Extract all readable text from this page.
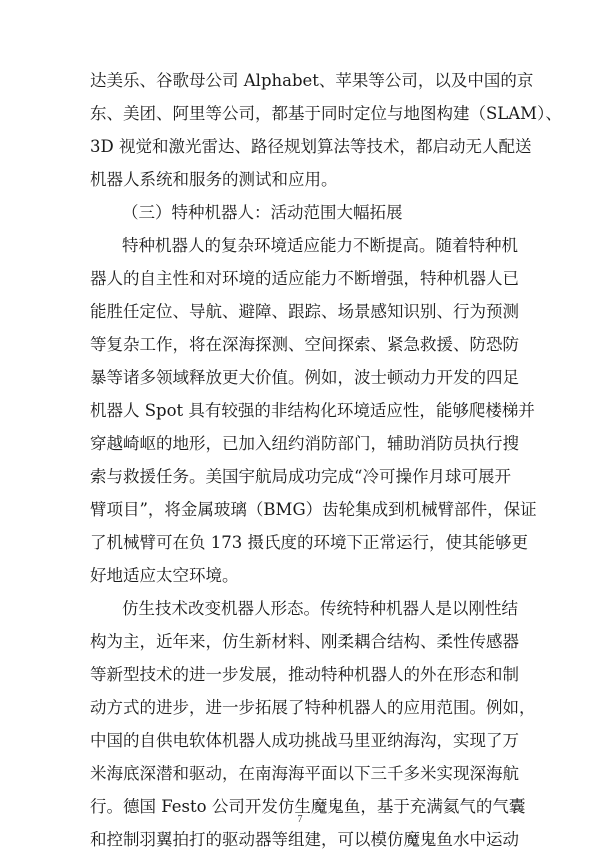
达美乐、谷歌母公司 Alphabet、苹果等公司，以及中国的京
东、美团、阿里等公司，都基于同时定位与地图构建（SLAM）、
3D 视觉和激光雷达、路径规划算法等技术，都启动无人配送
机器人系统和服务的测试和应用。
（三）特种机器人：活动范围大幅拓展
特种机器人的复杂环境适应能力不断提高。随着特种机
器人的自主性和对环境的适应能力不断增强，特种机器人已
能胜任定位、导航、避障、跟踪、场景感知识别、行为预测
等复杂工作，将在深海探测、空间探索、紧急救援、防恐防
暴等诸多领域释放更大价值。例如，波士顿动力开发的四足
机器人 Spot 具有较强的非结构化环境适应性，能够爬楼梯并
穿越崎岖的地形，已加入纽约消防部门，辅助消防员执行搜
索与救援任务。美国宇航局成功完成“冷可操作月球可展开
臂项目”，将金属玻璃（BMG）齿轮集成到机械臂部件，保证
了机械臂可在负 173 摄氏度的环境下正常运行，使其能够更
好地适应太空环境。
仿生技术改变机器人形态。传统特种机器人是以刚性结
构为主，近年来，仿生新材料、刚柔耦合结构、柔性传感器
等新型技术的进一步发展，推动特种机器人的外在形态和制
动方式的进步，进一步拓展了特种机器人的应用范围。例如，
中国的自供电软体机器人成功挑战马里亚纳海沟，实现了万
米海底深潜和驱动，在南海海平面以下三千多米实现深海航
行。德国 Festo 公司开发仿生魔鬼鱼，基于充满氦气的气囊
和控制羽翼拍打的驱动器等组建，可以模仿魔鬼鱼水中运动
7
